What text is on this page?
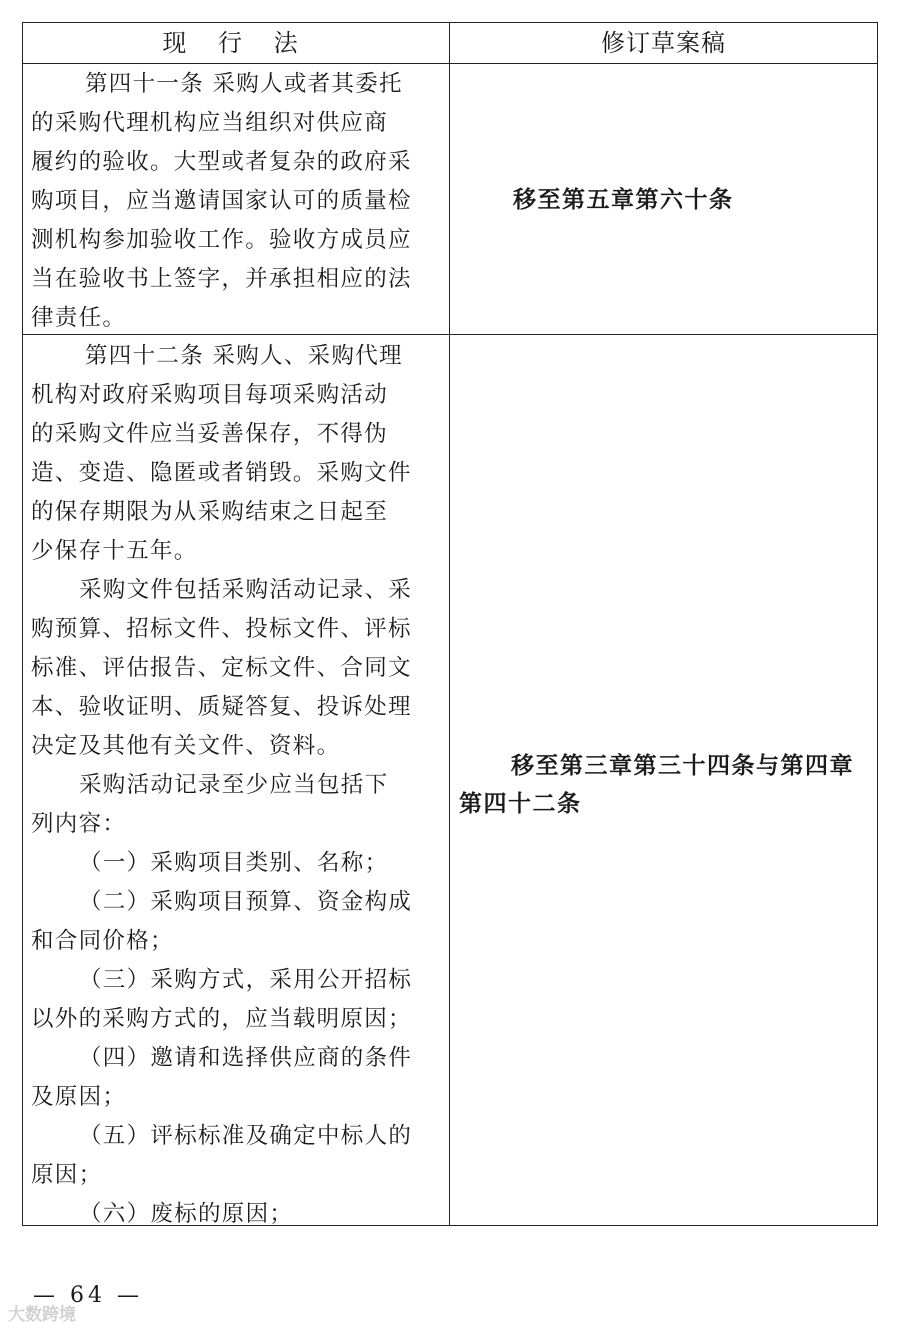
现 行 法	修订草案稿
第四十一条 采购人或者其委托
的采购代理机构应当组织对供应商
履约的验收。大型或者复杂的政府采
购项目，应当邀请国家认可的质量检
测机构参加验收工作。验收方成员应
当在验收书上签字，并承担相应的法
律责任。
移至第五章第六十条
第四十二条 采购人、采购代理
机构对政府采购项目每项采购活动
的采购文件应当妥善保存，不得伪
造、变造、隐匿或者销毁。采购文件
的保存期限为从采购结束之日起至
少保存十五年。
采购文件包括采购活动记录、采
购预算、招标文件、投标文件、评标
标准、评估报告、定标文件、合同文
本、验收证明、质疑答复、投诉处理
决定及其他有关文件、资料。
采购活动记录至少应当包括下
列内容：
（一）采购项目类别、名称；
（二）采购项目预算、资金构成
和合同价格；
（三）采购方式，采用公开招标
以外的采购方式的，应当载明原因；
（四）邀请和选择供应商的条件
及原因；
（五）评标标准及确定中标人的
原因；
（六）废标的原因；
移至第三章第三十四条与第四章第四十二条
— 64 —
大数跨境
